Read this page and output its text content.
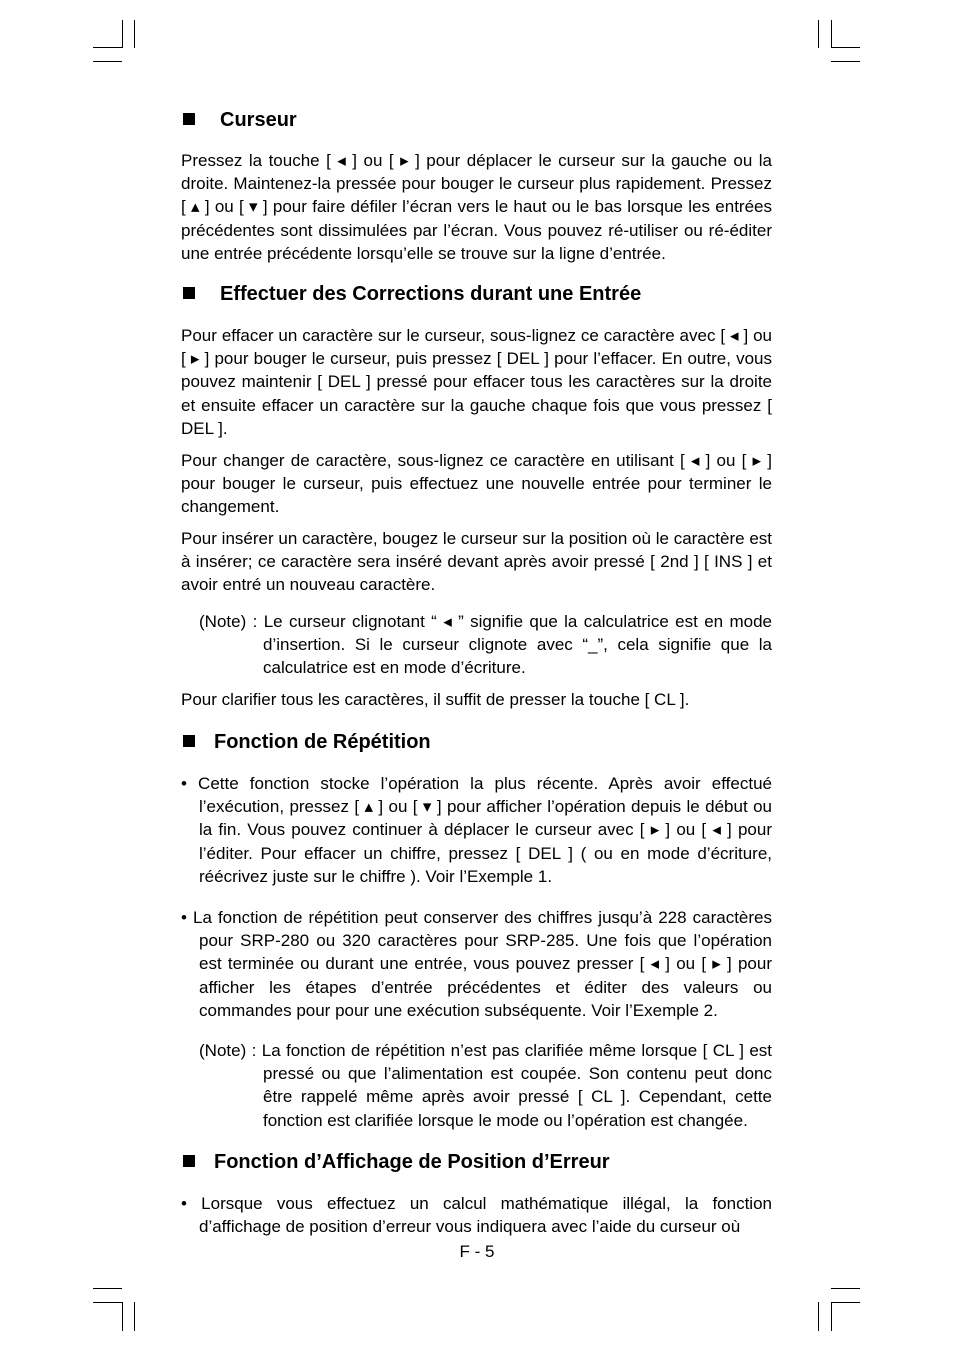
Curseur
Pressez la touche [ ◂ ] ou [ ▸ ] pour déplacer le curseur sur la gauche ou la droite. Maintenez-la pressée pour bouger le curseur plus rapidement. Pressez [ ▴ ] ou [ ▾ ] pour faire défiler l’écran vers le haut ou le bas lorsque les entrées précédentes sont dissimulées par l’écran. Vous pouvez ré-utiliser ou ré-éditer une entrée précédente lorsqu’elle se trouve sur la ligne d’entrée.
Effectuer des Corrections durant une Entrée
Pour effacer un caractère sur le curseur, sous-lignez ce caractère avec [ ◂ ] ou [ ▸ ] pour bouger le curseur, puis pressez [ DEL ] pour l’effacer. En outre, vous pouvez maintenir [ DEL ] pressé pour effacer tous les caractères sur la droite et ensuite effacer un caractère sur la gauche chaque fois que vous pressez [ DEL ].
Pour changer de caractère, sous-lignez ce caractère en utilisant [ ◂ ] ou [ ▸ ] pour bouger le curseur, puis effectuez une nouvelle entrée pour terminer le changement.
Pour insérer un caractère, bougez le curseur sur la position où le caractère est à insérer; ce caractère sera inséré devant après avoir pressé [ 2nd ] [ INS ] et avoir entré un nouveau caractère.
(Note) : Le curseur clignotant “ ◂ ” signifie que la calculatrice est en mode d’insertion. Si le curseur clignote avec “_”, cela signifie que la calculatrice est en mode d’écriture.
Pour clarifier tous les caractères, il suffit de presser la touche [ CL ].
Fonction de Répétition
• Cette fonction stocke l’opération la plus récente. Après avoir effectué l’exécution, pressez [ ▴ ] ou [ ▾ ] pour afficher l’opération depuis le début ou la fin. Vous pouvez continuer à déplacer le curseur avec [ ▸ ] ou [ ◂ ] pour l’éditer. Pour effacer un chiffre, pressez [ DEL ] ( ou en mode d’écriture, réécrivez juste sur le chiffre ). Voir l’Exemple 1.
• La fonction de répétition peut conserver des chiffres jusqu’à 228 caractères pour SRP-280 ou 320 caractères pour SRP-285. Une fois que l’opération est terminée ou durant une entrée, vous pouvez presser [ ◂ ] ou [ ▸ ] pour afficher les étapes d’entrée précédentes et éditer des valeurs ou commandes pour pour une exécution subséquente. Voir l’Exemple 2.
(Note) : La fonction de répétition n’est pas clarifiée même lorsque [ CL ] est pressé ou que l’alimentation est coupée. Son contenu peut donc être rappelé même après avoir pressé [ CL ]. Cependant, cette fonction est clarifiée lorsque le mode ou l’opération est changée.
Fonction d’Affichage de Position d’Erreur
• Lorsque vous effectuez un calcul mathématique illégal, la fonction d’affichage de position d’erreur vous indiquera avec l’aide du curseur où
F - 5
